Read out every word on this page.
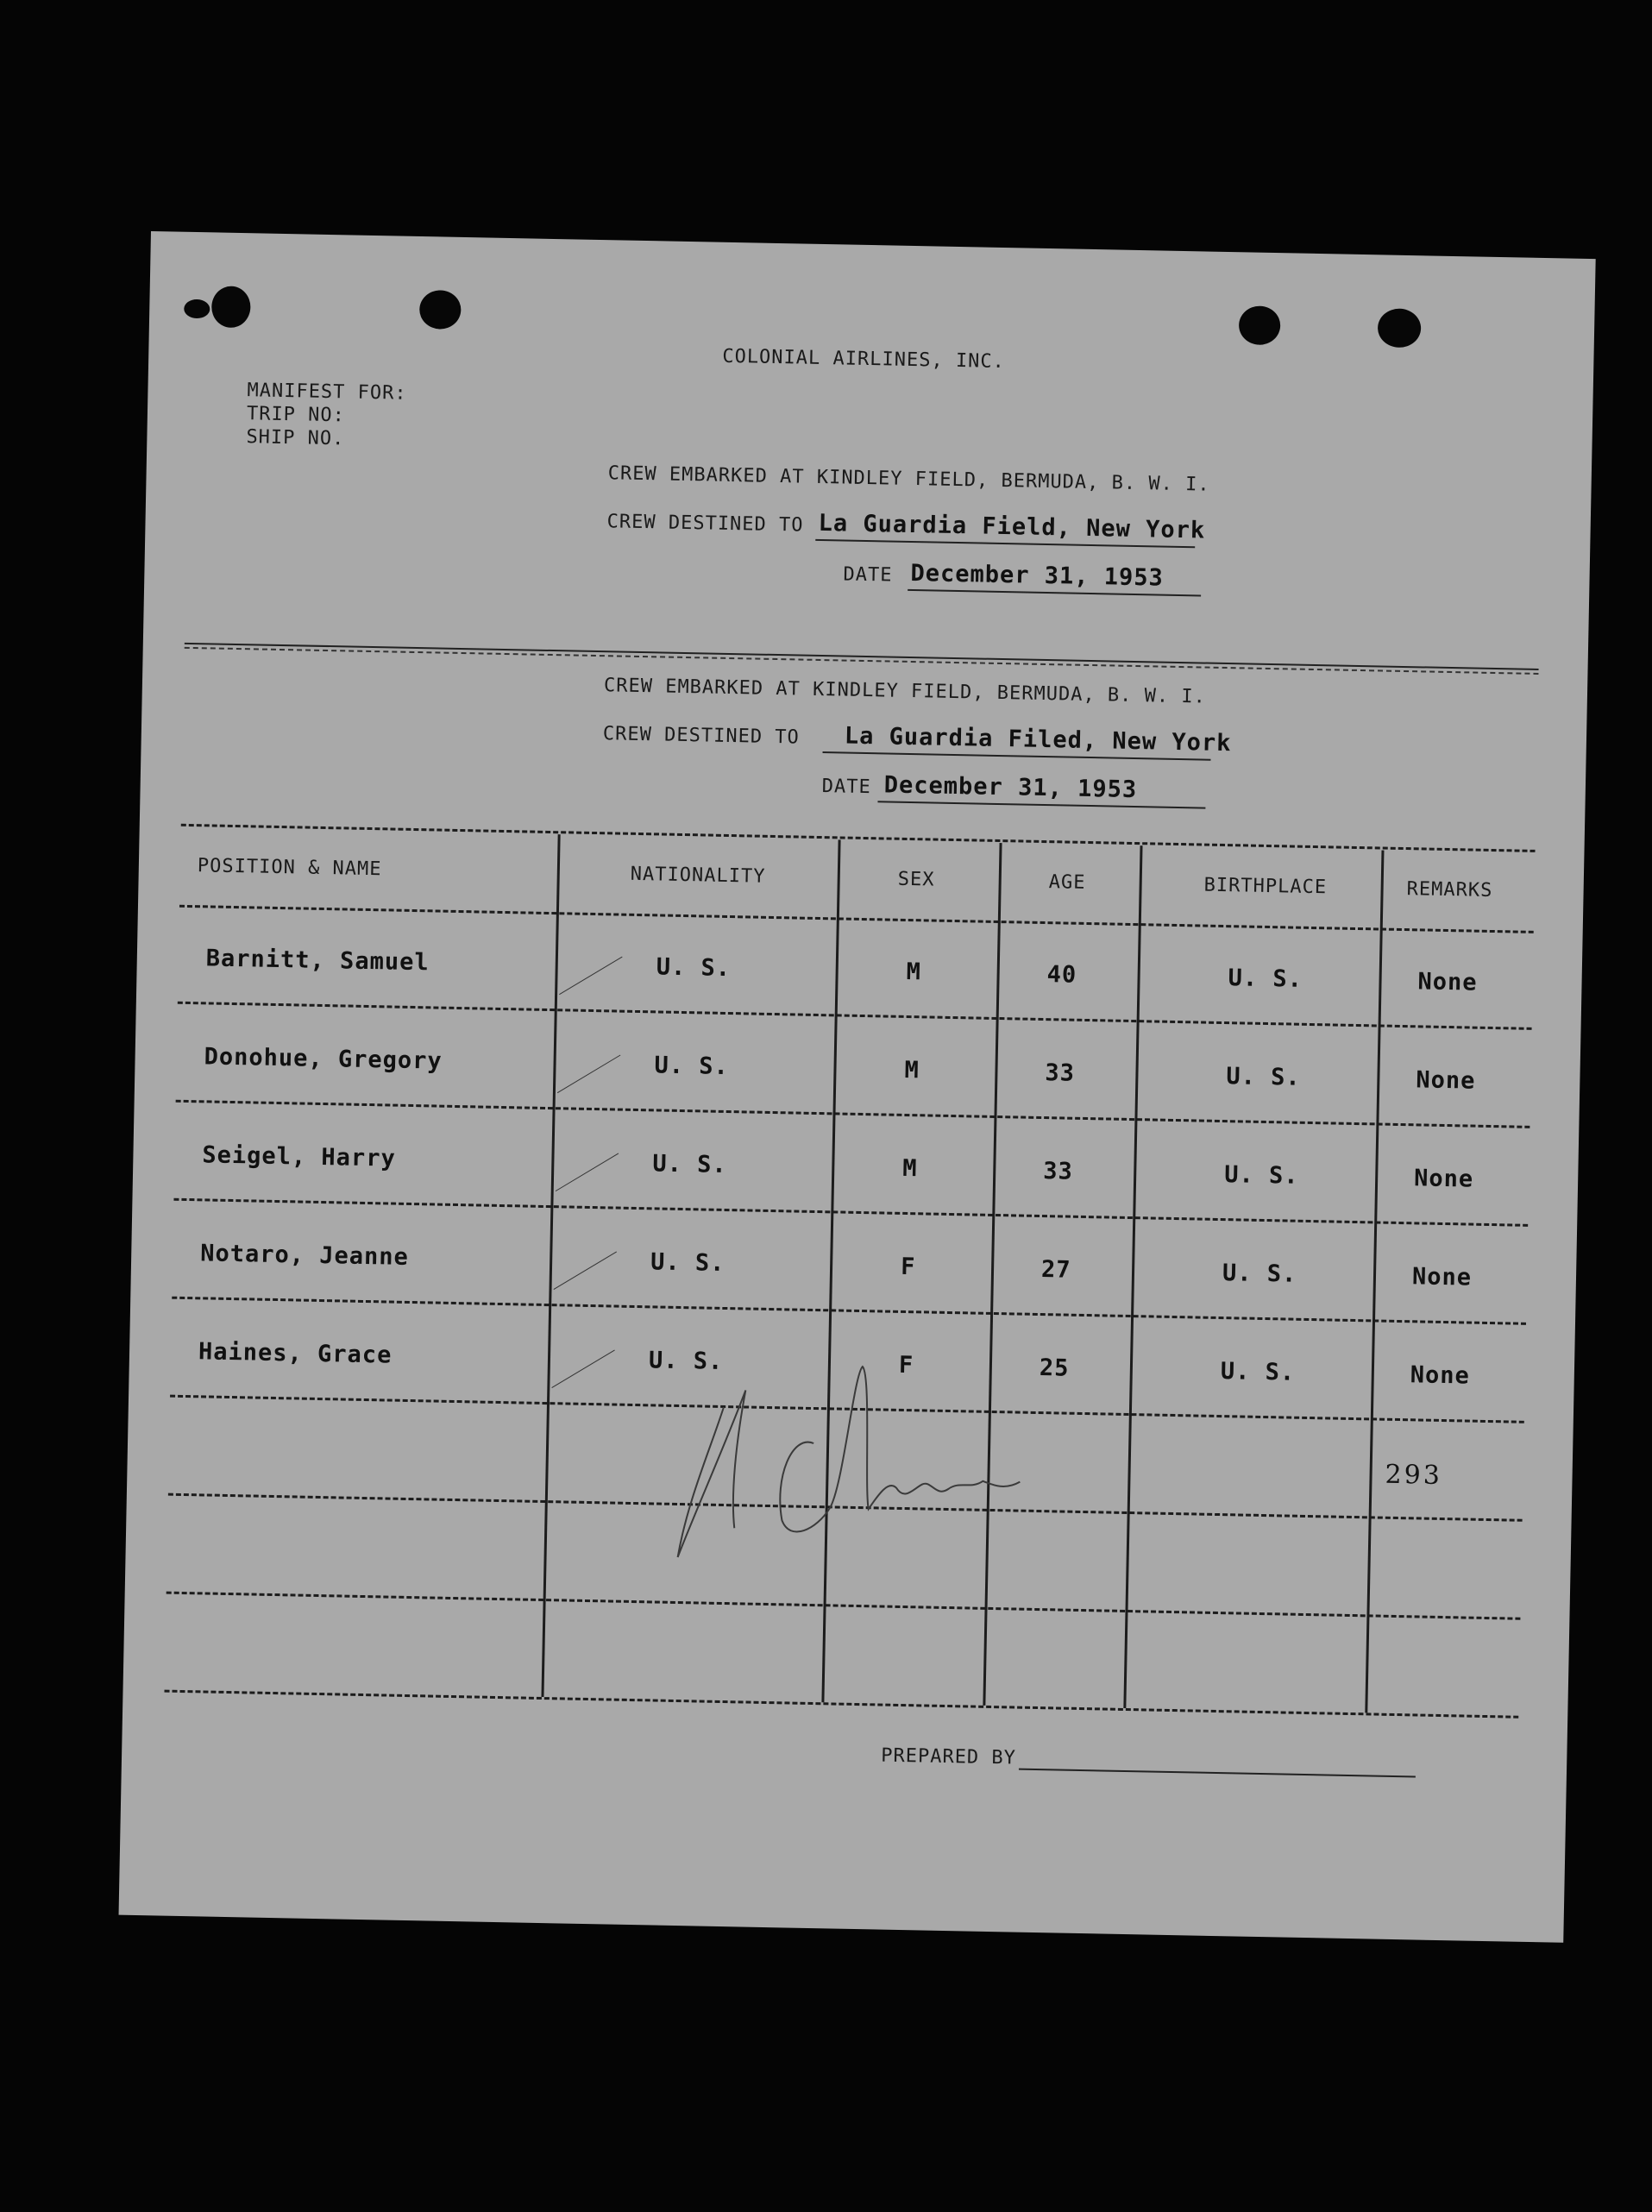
COLONIAL AIRLINES, INC.
MANIFEST FOR:
TRIP NO:
SHIP NO.
CREW EMBARKED AT KINDLEY FIELD, BERMUDA, B. W. I.
CREW DESTINED TO La Guardia Field, New York
DATE December 31, 1953
CREW EMBARKED AT KINDLEY FIELD, BERMUDA, B. W. I.
CREW DESTINED TO La Guardia Filed, New York
DATE December 31, 1953
POSITION & NAME	NATIONALITY	SEX	AGE	BIRTHPLACE	REMARKS
Barnitt, Samuel	U. S.	M	40	U. S.	None
Donohue, Gregory	U. S.	M	33	U. S.	None
Seigel, Harry	U. S.	M	33	U. S.	None
Notaro, Jeanne	U. S.	F	27	U. S.	None
Haines, Grace	U. S.	F	25	U. S.	None
293
PREPARED BY
